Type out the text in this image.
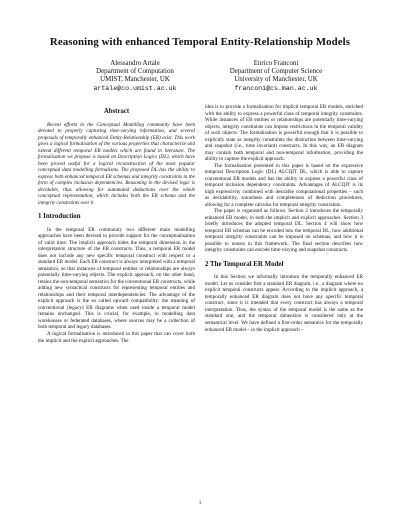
Reasoning with enhanced Temporal Entity-Relationship Models
Alessandro Artale
Department of Computation
UMIST, Manchester, UK
artale@co.umist.ac.uk
Enrico Franconi
Department of Computer Science
University of Manchester, UK
franconi@cs.man.ac.uk
Abstract

Recent efforts in the Conceptual Modelling community have been devoted to properly capturing time-varying information, and several proposals of temporally enhanced Entity-Relationship (ER) exist. This work gives a logical formalisation of the various properties that characterise and extend different temporal ER models which are found in literature. The formalisation we propose is based on Description Logics (DL), which have been proved useful for a logical reconstruction of the most popular conceptual data modelling formalisms. The proposed DL has the ability to express both enhanced temporal ER schemas and integrity constraints in the form of complex inclusion dependencies. Reasoning in the devised logic is decidable, thus allowing for automated deductions over the whole conceptual representation, which includes both the ER schema and the integrity constraints over it.

1 Introduction

In the temporal ER community two different main modelling approaches have been devised to provide support for the conceptualisation of valid time. The implicit approach hides the temporal dimension in the interpretation structure of the ER constructs. Thus, a temporal ER model does not include any new specific temporal construct with respect to a standard ER model. Each ER construct is always interpreted with a temporal semantics, so that instances of temporal entities or relationships are always potentially time-varying objects. The explicit approach, on the other hand, retains the non-temporal semantics for the conventional ER constructs, while adding new syntactical constructs for representing temporal entities and relationships and their temporal interdependencies. The advantage of the explicit approach is the so called upward compatibility: the meaning of conventional (legacy) ER diagrams when used inside a temporal model remains unchanged. This is crucial, for example, in modelling data warehouses or federated databases, where sources may be a collection of both temporal and legacy databases.

A logical formalisation is introduced in this paper that can cover both the implicit and the explicit approaches. The

idea is to provide a formalisation for implicit temporal ER models, enriched with the ability to express a powerful class of temporal integrity constraints. While instances of ER entities or relationships are potentially time-varying objects, integrity constraints can impose restrictions in the temporal validity of such objects. The formalisation is powerful enough that it is possible to explicitly state as integrity constraints the distinction between time-varying and snapshot (i.e., time invariant) constructs. In this way, an ER diagram may contain both temporal and non-temporal information, providing the ability to capture the explicit approach.

The formalisation presented in this paper is based on the expressive temporal Description Logic (DL) ALCQIT DL, which is able to capture conventional ER models and has the ability to express a powerful class of temporal inclusion dependency constraints. Advantages of ALCQIT is its high expressivity combined with desirable computational properties – such as decidability, soundness and completeness of deduction procedures, allowing for a complete calculus for temporal integrity constraints.

The paper is organised as follows. Section 2 introduces the temporally enhanced ER model, in both the implicit and explicit approaches. Section 3 briefly introduces the adopted temporal DL. Section 4 will show how temporal ER schemas can be encoded into the temporal DL, how additional temporal integrity constraints can be imposed on schemas, and how it is possible to reason in this framework. The final section describes how integrity constraints can encode time-varying and snapshot constructs.

2 The Temporal ER Model

In this Section we informally introduce the temporally enhanced ER model. Let us consider first a standard ER diagram, i.e., a diagram where no explicit temporal constructs appear. According to the implicit approach, a temporally enhanced ER diagram does not have any specific temporal construct, since it is intended that every construct has always a temporal interpretation. Thus, the syntax of the temporal model is the same as the standard one, and the temporal dimension is considered only at the semantical level. We have defined a first-order semantics for the temporally enhanced ER model – in the implicit approach –

1
